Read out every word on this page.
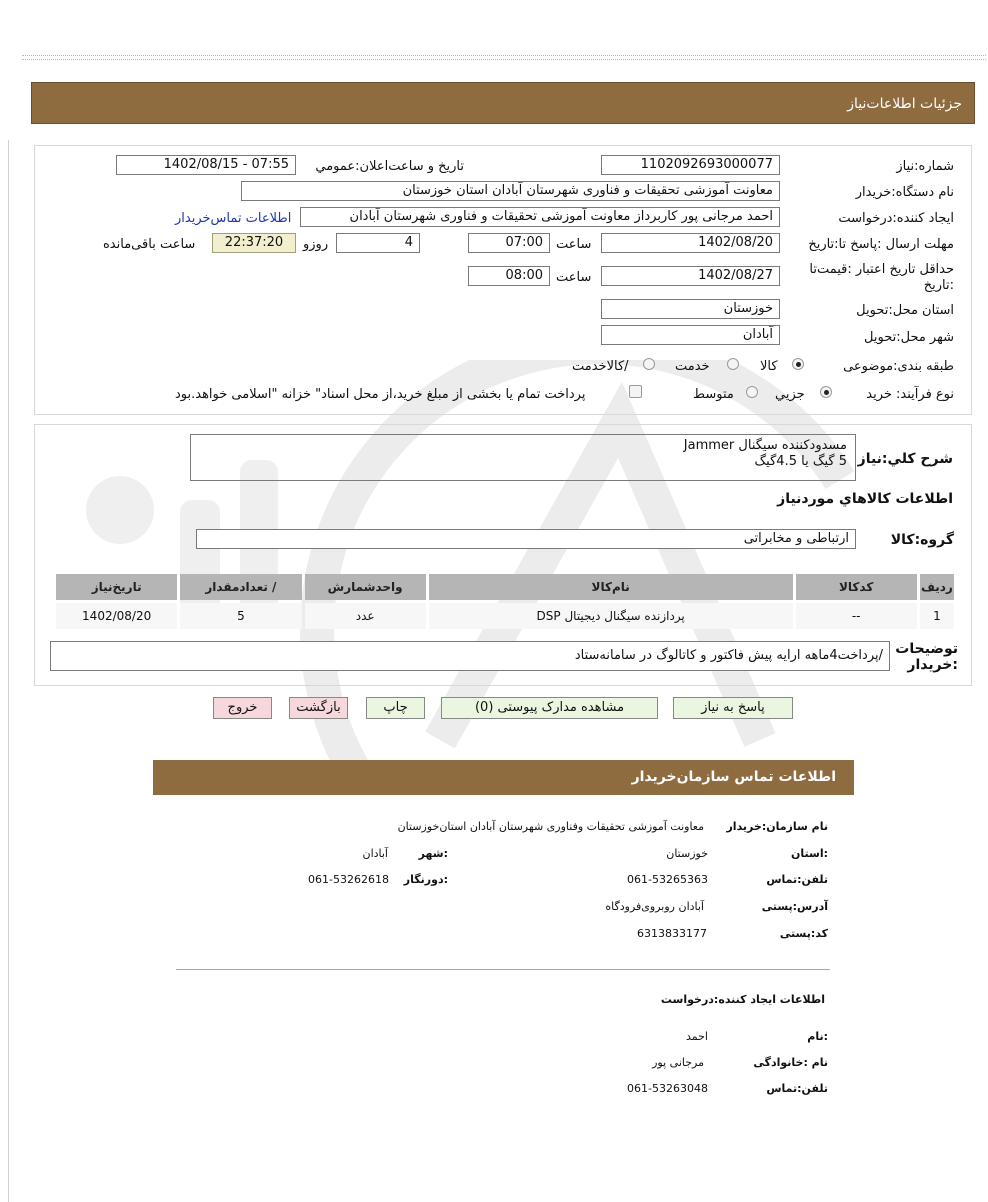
جزئیات اطلاعات‌نیاز
شماره:نیاز
1102092693000077
تاریخ و ساعت‌اعلان:عمومي
1402/08/15 - 07:55
نام دستگاه:خریدار
معاونت آموزشی تحقیقات و فناوری شهرستان آبادان استان خوزستان
ایجاد کننده:درخواست
احمد مرجانی پور کاربرداز معاونت آموزشی تحقیقات و فناوری شهرستان آبادان
اطلاعات تماس‌خریدار
مهلت ارسال :پاسخ تا:تاریخ
1402/08/20
ساعت
07:00
4
روزو
22:37:20
ساعت باقی‌مانده
حداقل تاریخ اعتبار :قیمت‌تا :تاریخ
1402/08/27
ساعت
08:00
استان محل:تحویل
خوزستان
شهر محل:تحویل
آبادان
طبقه بندی:موضوعی
کالا
خدمت
/کالاخدمت
نوع فرآیند: خرید
جزیي
متوسط
پرداخت تمام یا بخشی از مبلغ خرید،از محل اسناد" خزانه "اسلامی خواهد.بود
شرح کلي:نیاز
مسدودکننده سیگنال Jammer
5 گیگ یا 4.5گیگ
اطلاعات کالاهاي مورد‌نیاز
گروه:کالا
ارتباطی و مخابراتی
ردیف	کدکالا	نام‌کالا	واحدشمارش	/ تعدادمقدار	تاریخ‌نیاز
1	--	پردازنده سیگنال دیجیتال DSP	عدد	5	1402/08/20
توضیحات :خریدار
/پرداخت4ماهه ارایه پیش فاکتور و کاتالوگ در سامانه‌ستاد
پاسخ به نیاز
مشاهده مدارک پیوستی (0)
چاپ
بازگشت
خروج
اطلاعات تماس سازمان‌خریدار
نام سازمان:خریدار
معاونت آموزشی تحقیقات وفناوری شهرستان آبادان استان‌خوزستان
:استان
خوزستان
:شهر
آبادان
تلفن:تماس
061-53265363
:دورنگار
061-53262618
آدرس:پستی
آبادان روبروی‌فرودگاه
کد:پستی
6313833177
اطلاعات ایجاد کننده:درخواست
:نام
احمد
نام :خانوادگی
مرجانی پور
تلفن:تماس
061-53263048
